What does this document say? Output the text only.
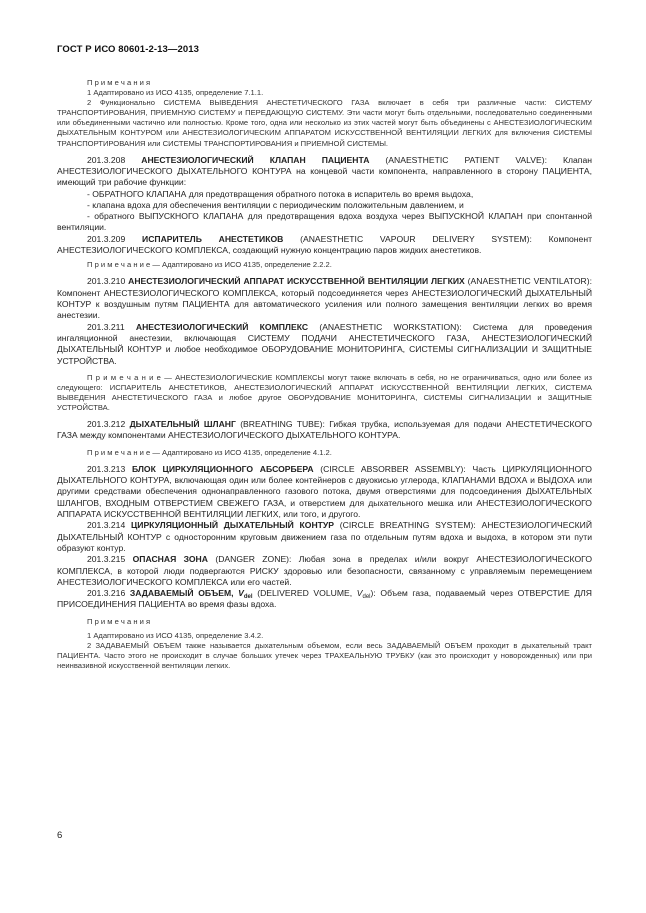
ГОСТ Р ИСО 80601-2-13—2013
П р и м е ч а н и я
1 Адаптировано из ИСО 4135, определение 7.1.1.
2 Функционально СИСТЕМА ВЫВЕДЕНИЯ АНЕСТЕТИЧЕСКОГО ГАЗА включает в себя три различные части: СИСТЕМУ ТРАНСПОРТИРОВАНИЯ, ПРИЕМНУЮ СИСТЕМУ и ПЕРЕДАЮЩУЮ СИСТЕМУ. Эти части могут быть отдельными, последовательно соединенными или объединенными частично или полностью. Кроме того, одна или несколько из этих частей могут быть объединены с АНЕСТЕЗИОЛОГИЧЕСКИМ ДЫХАТЕЛЬНЫМ КОНТУРОМ или АНЕСТЕЗИОЛОГИЧЕСКИМ АППАРАТОМ ИСКУССТВЕННОЙ ВЕНТИЛЯЦИИ ЛЕГКИХ для включения СИСТЕМЫ ТРАНСПОРТИРОВАНИЯ или СИСТЕМЫ ТРАНСПОРТИРОВАНИЯ и ПРИЕМНОЙ СИСТЕМЫ.
201.3.208 АНЕСТЕЗИОЛОГИЧЕСКИЙ КЛАПАН ПАЦИЕНТА (ANAESTHETIC PATIENT VALVE): Клапан АНЕСТЕЗИОЛОГИЧЕСКОГО ДЫХАТЕЛЬНОГО КОНТУРА на концевой части компонента, направленного в сторону ПАЦИЕНТА, имеющий три рабочие функции:
- ОБРАТНОГО КЛАПАНА для предотвращения обратного потока в испаритель во время выдоха,
- клапана вдоха для обеспечения вентиляции с периодическим положительным давлением, и
- обратного ВЫПУСКНОГО КЛАПАНА для предотвращения вдоха воздуха через ВЫПУСКНОЙ КЛАПАН при спонтанной вентиляции.
201.3.209 ИСПАРИТЕЛЬ АНЕСТЕТИКОВ (ANAESTHETIC VAPOUR DELIVERY SYSTEM): Компонент АНЕСТЕЗИОЛОГИЧЕСКОГО КОМПЛЕКСА, создающий нужную концентрацию паров жидких анестетиков.
П р и м е ч а н и е — Адаптировано из ИСО 4135, определение 2.2.2.
201.3.210 АНЕСТЕЗИОЛОГИЧЕСКИЙ АППАРАТ ИСКУССТВЕННОЙ ВЕНТИЛЯЦИИ ЛЕГКИХ (ANAESTHETIC VENTILATOR): Компонент АНЕСТЕЗИОЛОГИЧЕСКОГО КОМПЛЕКСА, который подсоединяется через АНЕСТЕЗИОЛОГИЧЕСКИЙ ДЫХАТЕЛЬНЫЙ КОНТУР к воздушным путям ПАЦИЕНТА для автоматического усиления или полного замещения вентиляции легких во время анестезии.
201.3.211 АНЕСТЕЗИОЛОГИЧЕСКИЙ КОМПЛЕКС (ANAESTHETIC WORKSTATION): Система для проведения ингаляционной анестезии, включающая СИСТЕМУ ПОДАЧИ АНЕСТЕТИЧЕСКОГО ГАЗА, АНЕСТЕЗИОЛОГИЧЕСКИЙ ДЫХАТЕЛЬНЫЙ КОНТУР и любое необходимое ОБОРУДОВАНИЕ МОНИТОРИНГА, СИСТЕМЫ СИГНАЛИЗАЦИИ И ЗАЩИТНЫЕ УСТРОЙСТВА.
П р и м е ч а н и е — АНЕСТЕЗИОЛОГИЧЕСКИЕ КОМПЛЕКСЫ могут также включать в себя, но не ограничиваться, одно или более из следующего: ИСПАРИТЕЛЬ АНЕСТЕТИКОВ, АНЕСТЕЗИОЛОГИЧЕСКИЙ АППАРАТ ИСКУССТВЕННОЙ ВЕНТИЛЯЦИИ ЛЕГКИХ, СИСТЕМА ВЫВЕДЕНИЯ АНЕСТЕТИЧЕСКОГО ГАЗА и любое другое ОБОРУДОВАНИЕ МОНИТОРИНГА, СИСТЕМЫ СИГНАЛИЗАЦИИ и ЗАЩИТНЫЕ УСТРОЙСТВА.
201.3.212 ДЫХАТЕЛЬНЫЙ ШЛАНГ (BREATHING TUBE): Гибкая трубка, используемая для подачи АНЕСТЕТИЧЕСКОГО ГАЗА между компонентами АНЕСТЕЗИОЛОГИЧЕСКОГО ДЫХАТЕЛЬНОГО КОНТУРА.
П р и м е ч а н и е — Адаптировано из ИСО 4135, определение 4.1.2.
201.3.213 БЛОК ЦИРКУЛЯЦИОННОГО АБСОРБЕРА (CIRCLE ABSORBER ASSEMBLY): Часть ЦИРКУЛЯЦИОННОГО ДЫХАТЕЛЬНОГО КОНТУРА, включающая один или более контейнеров с двуокисью углерода, КЛАПАНАМИ ВДОХА и ВЫДОХА или другими средствами обеспечения однонаправленного газового потока, двумя отверстиями для подсоединения ДЫХАТЕЛЬНЫХ ШЛАНГОВ, ВХОДНЫМ ОТВЕРСТИЕМ СВЕЖЕГО ГАЗА, и отверстием для дыхательного мешка или АНЕСТЕЗИОЛОГИЧЕСКОГО АППАРАТА ИСКУССТВЕННОЙ ВЕНТИЛЯЦИИ ЛЕГКИХ, или того, и другого.
201.3.214 ЦИРКУЛЯЦИОННЫЙ ДЫХАТЕЛЬНЫЙ КОНТУР (CIRCLE BREATHING SYSTEM): АНЕСТЕЗИОЛОГИЧЕСКИЙ ДЫХАТЕЛЬНЫЙ КОНТУР с односторонним круговым движением газа по отдельным путям вдоха и выдоха, в котором эти пути образуют контур.
201.3.215 ОПАСНАЯ ЗОНА (DANGER ZONE): Любая зона в пределах и/или вокруг АНЕСТЕЗИОЛОГИЧЕСКОГО КОМПЛЕКСА, в которой люди подвергаются РИСКУ здоровью или безопасности, связанному с управляемым перемещением АНЕСТЕЗИОЛОГИЧЕСКОГО КОМПЛЕКСА или его частей.
201.3.216 ЗАДАВАЕМЫЙ ОБЪЕМ, $V_{del}$ (DELIVERED VOLUME, $V_{del}$): Объем газа, подаваемый через ОТВЕРСТИЕ ДЛЯ ПРИСОЕДИНЕНИЯ ПАЦИЕНТА во время фазы вдоха.
П р и м е ч а н и я
1 Адаптировано из ИСО 4135, определение 3.4.2.
2 ЗАДАВАЕМЫЙ ОБЪЕМ также называется дыхательным объемом, если весь ЗАДАВАЕМЫЙ ОБЪЕМ проходит в дыхательный тракт ПАЦИЕНТА. Часто этого не происходит в случае больших утечек через ТРАХЕАЛЬНУЮ ТРУБКУ (как это происходит у новорожденных) или при неинвазивной искусственной вентиляции легких.
6
